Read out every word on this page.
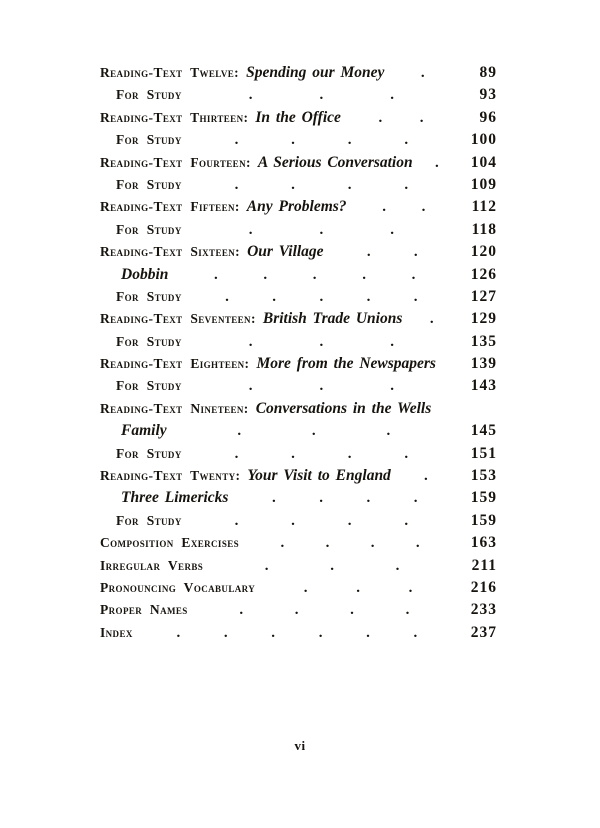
Reading-Text Twelve: Spending our Money .	89
For Study	.	.	.	93
Reading-Text Thirteen: In the Office	.	.	96
For Study	.	.	.	.	100
Reading-Text Fourteen: A Serious Conversation .	104
For Study	.	.	.	.	109
Reading-Text Fifteen: Any Problems? . .	112
For Study	.	.	.	118
Reading-Text Sixteen: Our Village	.	.	120
Dobbin	.	.	.	.	.	126
For Study	.	.	.	.	.	127
Reading-Text Seventeen: British Trade Unions .	129
For Study	.	.	.	135
Reading-Text Eighteen: More from the Newspapers	139
For Study	.	.	.	143
Reading-Text Nineteen: Conversations in the Wells
Family	.	.	.	145
For Study	.	.	.	.	151
Reading-Text Twenty: Your Visit to England .	153
Three Limericks	.	.	.	.	159
For Study	.	.	.	.	159
Composition Exercises	.	.	.	.	163
Irregular Verbs	.	.	.	211
Pronouncing Vocabulary	.	.	.	216
Proper Names	.	.	.	.	233
Index	.	.	.	.	.	.	237
vi
